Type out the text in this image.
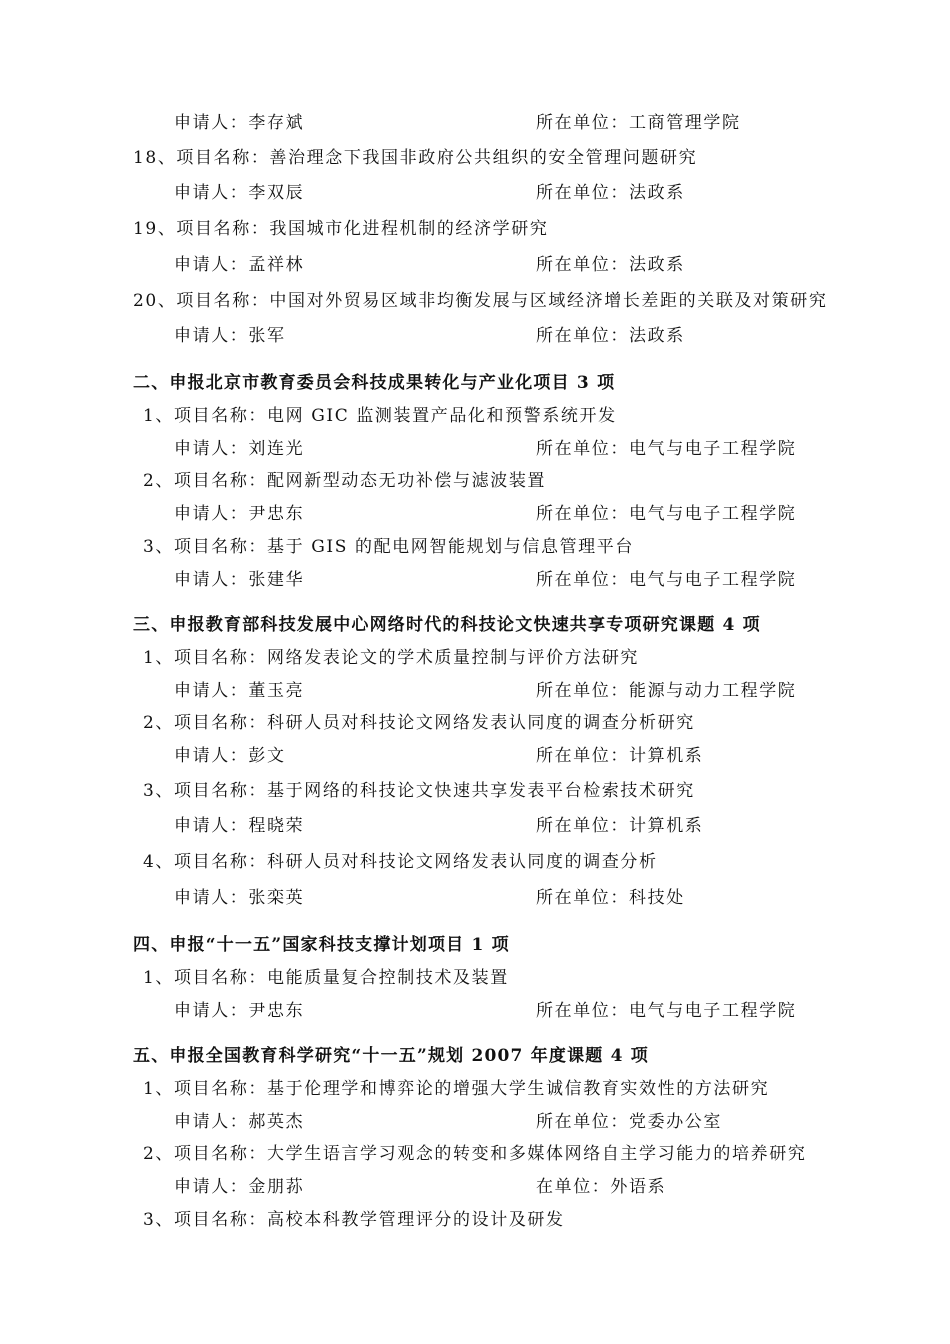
申请人：李存斌	所在单位：工商管理学院
18、项目名称：善治理念下我国非政府公共组织的安全管理问题研究
申请人：李双辰	所在单位：法政系
19、项目名称：我国城市化进程机制的经济学研究
申请人：孟祥林	所在单位：法政系
20、项目名称：中国对外贸易区域非均衡发展与区域经济增长差距的关联及对策研究
申请人：张军	所在单位：法政系
二、申报北京市教育委员会科技成果转化与产业化项目 3 项
1、项目名称：电网 GIC 监测装置产品化和预警系统开发
申请人：刘连光	所在单位：电气与电子工程学院
2、项目名称：配网新型动态无功补偿与滤波装置
申请人：尹忠东	所在单位：电气与电子工程学院
3、项目名称：基于 GIS 的配电网智能规划与信息管理平台
申请人：张建华	所在单位：电气与电子工程学院
三、申报教育部科技发展中心网络时代的科技论文快速共享专项研究课题 4 项
1、项目名称：网络发表论文的学术质量控制与评价方法研究
申请人：董玉亮	所在单位：能源与动力工程学院
2、项目名称：科研人员对科技论文网络发表认同度的调查分析研究
申请人：彭文	所在单位：计算机系
3、项目名称：基于网络的科技论文快速共享发表平台检索技术研究
申请人：程晓荣	所在单位：计算机系
4、项目名称：科研人员对科技论文网络发表认同度的调查分析
申请人：张栾英	所在单位：科技处
四、申报“十一五”国家科技支撑计划项目 1 项
1、项目名称：电能质量复合控制技术及装置
申请人：尹忠东	所在单位：电气与电子工程学院
五、申报全国教育科学研究“十一五”规划 2007 年度课题 4 项
1、项目名称：基于伦理学和博弈论的增强大学生诚信教育实效性的方法研究
申请人：郝英杰	所在单位：党委办公室
2、项目名称：大学生语言学习观念的转变和多媒体网络自主学习能力的培养研究
申请人：金朋荪	在单位：外语系
3、项目名称：高校本科教学管理评分的设计及研发
